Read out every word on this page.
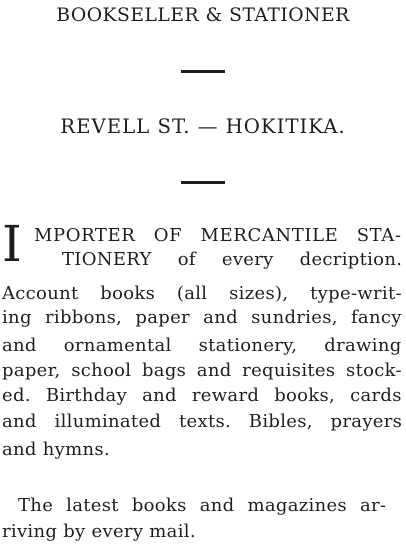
BOOKSELLER & STATIONER
REVELL ST. — HOKITIKA.
I MPORTER OF MERCANTILE STA-
TIONERY of every decription.
Account books (all sizes), type-writ-
ing ribbons, paper and sundries, fancy
and ornamental stationery, drawing
paper, school bags and requisites stock-
ed. Birthday and reward books, cards
and illuminated texts. Bibles, prayers
and hymns.
The latest books and magazines ar-
riving by every mail.
